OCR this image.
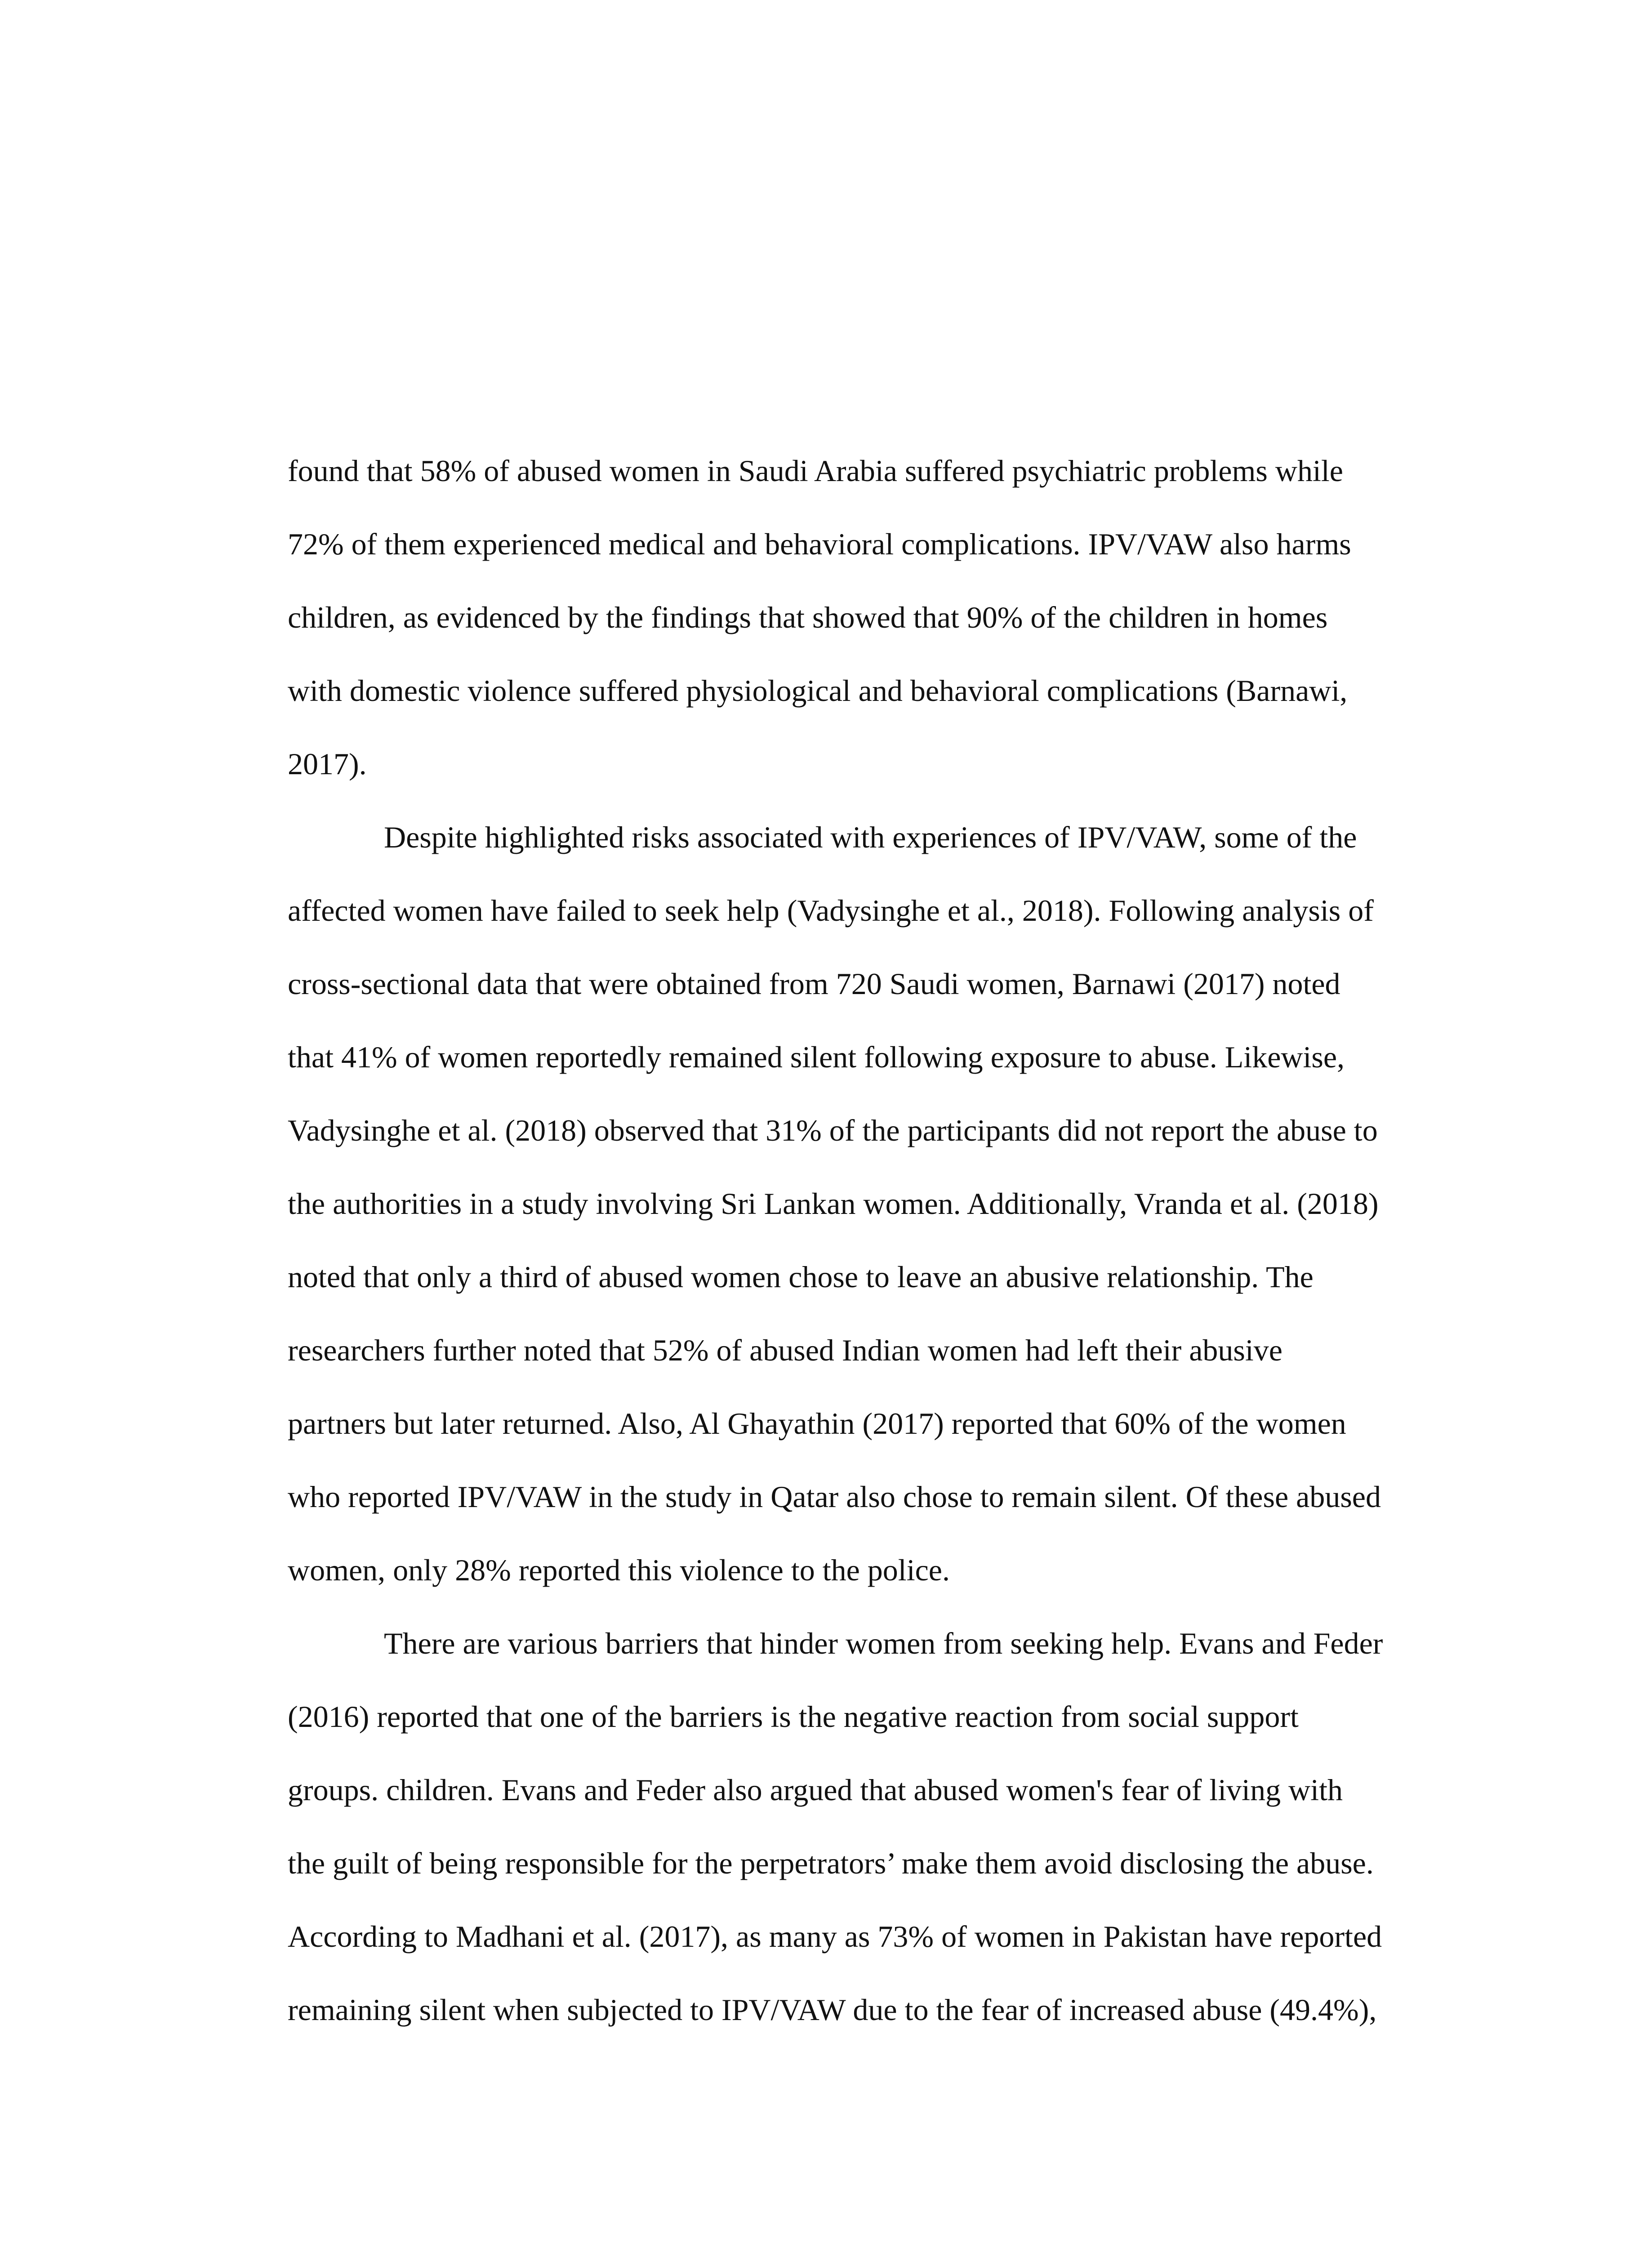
found that 58% of abused women in Saudi Arabia suffered psychiatric problems while
72% of them experienced medical and behavioral complications. IPV/VAW also harms
children, as evidenced by the findings that showed that 90% of the children in homes
with domestic violence suffered physiological and behavioral complications (Barnawi,
2017).
Despite highlighted risks associated with experiences of IPV/VAW, some of the
affected women have failed to seek help (Vadysinghe et al., 2018). Following analysis of
cross-sectional data that were obtained from 720 Saudi women, Barnawi (2017) noted
that 41% of women reportedly remained silent following exposure to abuse. Likewise,
Vadysinghe et al. (2018) observed that 31% of the participants did not report the abuse to
the authorities in a study involving Sri Lankan women. Additionally, Vranda et al. (2018)
noted that only a third of abused women chose to leave an abusive relationship. The
researchers further noted that 52% of abused Indian women had left their abusive
partners but later returned. Also, Al Ghayathin (2017) reported that 60% of the women
who reported IPV/VAW in the study in Qatar also chose to remain silent. Of these abused
women, only 28% reported this violence to the police.
There are various barriers that hinder women from seeking help. Evans and Feder
(2016) reported that one of the barriers is the negative reaction from social support
groups. children. Evans and Feder also argued that abused women's fear of living with
the guilt of being responsible for the perpetrators’ make them avoid disclosing the abuse.
According to Madhani et al. (2017), as many as 73% of women in Pakistan have reported
remaining silent when subjected to IPV/VAW due to the fear of increased abuse (49.4%),
